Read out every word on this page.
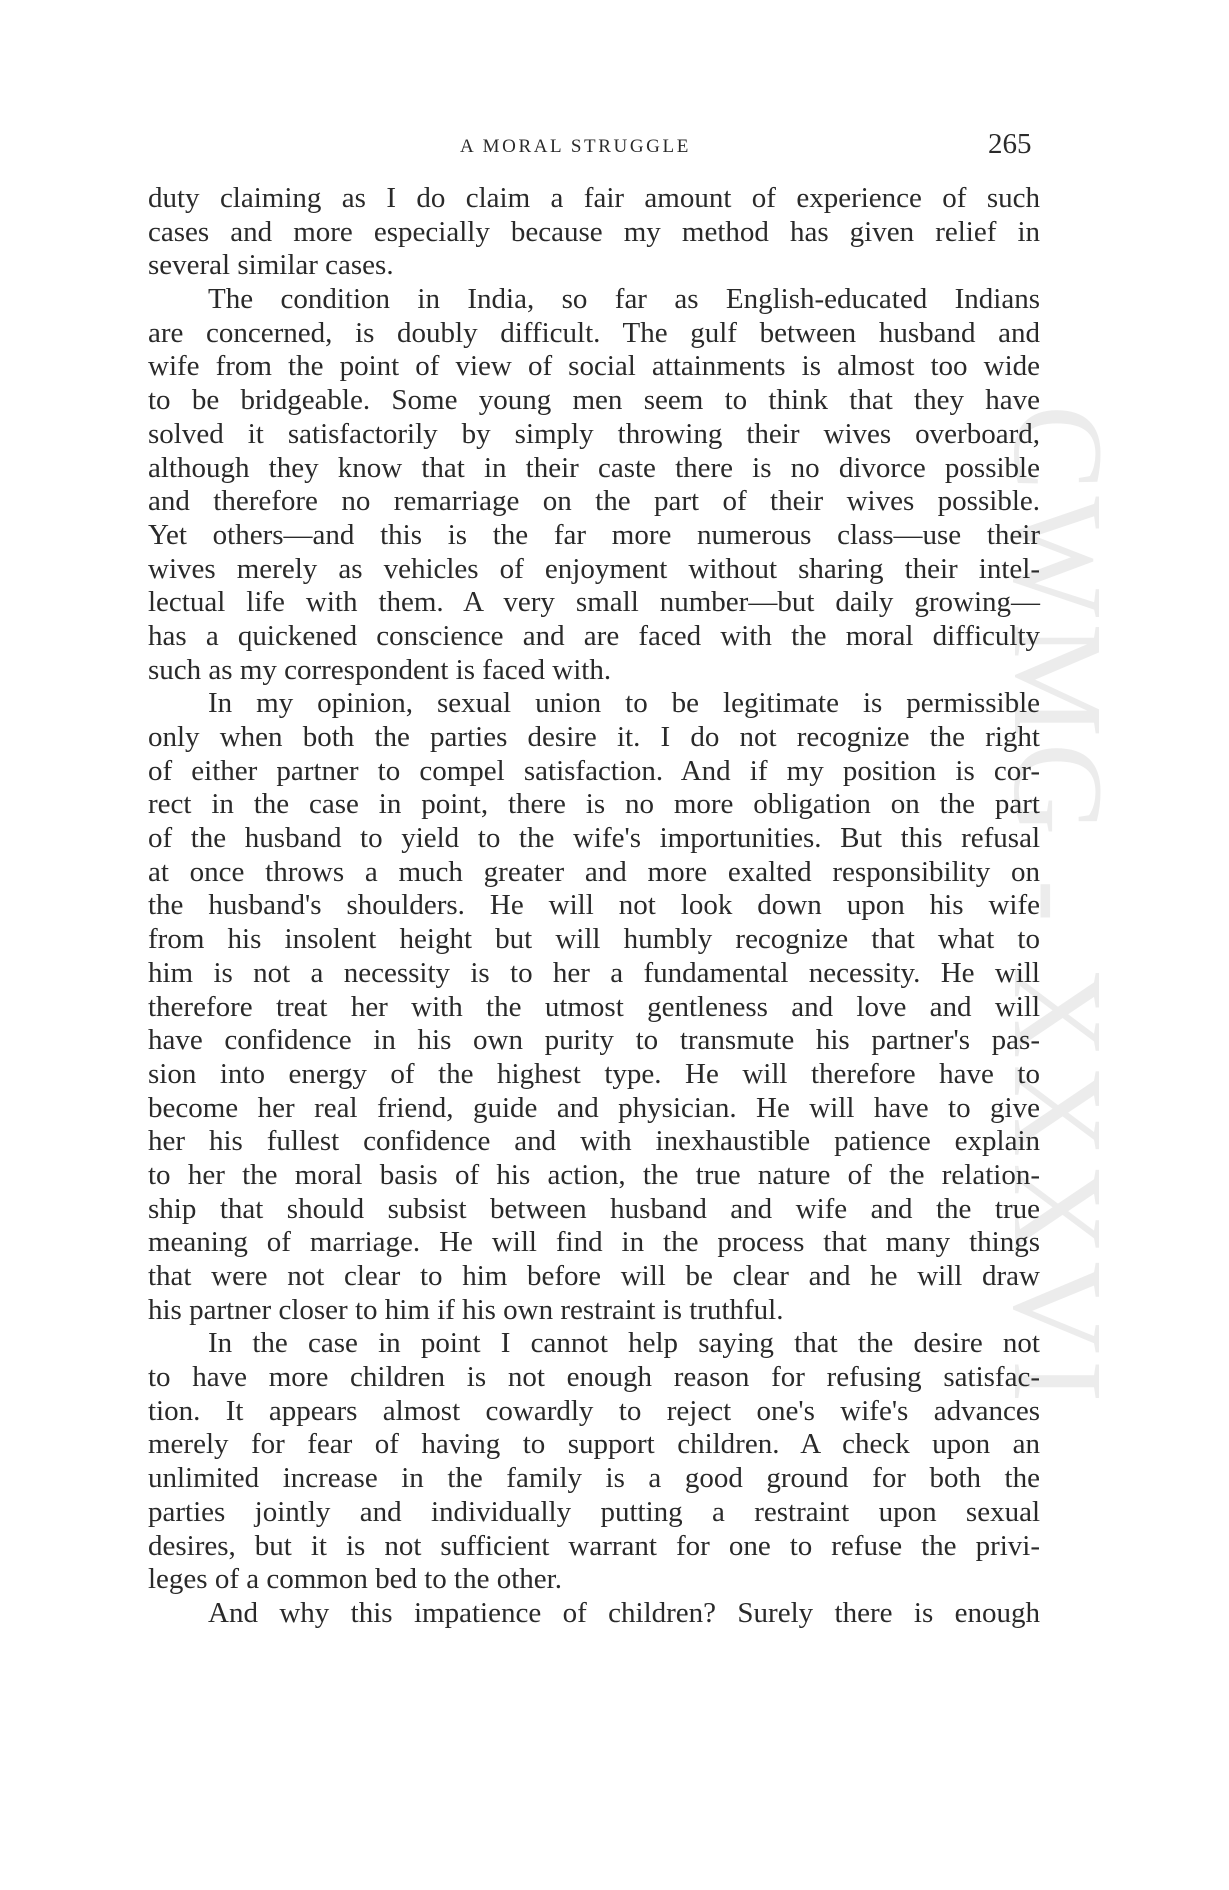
CWMG - XXXVI
A MORAL STRUGGLE	265
duty claiming as I do claim a fair amount of experience of such
cases and more especially because my method has given relief in
several similar cases.
The condition in India, so far as English-educated Indians
are concerned, is doubly difficult. The gulf between husband and
wife from the point of view of social attainments is almost too wide
to be bridgeable. Some young men seem to think that they have
solved it satisfactorily by simply throwing their wives overboard,
although they know that in their caste there is no divorce possible
and therefore no remarriage on the part of their wives possible.
Yet others—and this is the far more numerous class—use their
wives merely as vehicles of enjoyment without sharing their intel-
lectual life with them. A very small number—but daily growing—
has a quickened conscience and are faced with the moral difficulty
such as my correspondent is faced with.
In my opinion, sexual union to be legitimate is permissible
only when both the parties desire it. I do not recognize the right
of either partner to compel satisfaction. And if my position is cor-
rect in the case in point, there is no more obligation on the part
of the husband to yield to the wife's importunities. But this refusal
at once throws a much greater and more exalted responsibility on
the husband's shoulders. He will not look down upon his wife
from his insolent height but will humbly recognize that what to
him is not a necessity is to her a fundamental necessity. He will
therefore treat her with the utmost gentleness and love and will
have confidence in his own purity to transmute his partner's pas-
sion into energy of the highest type. He will therefore have to
become her real friend, guide and physician. He will have to give
her his fullest confidence and with inexhaustible patience explain
to her the moral basis of his action, the true nature of the relation-
ship that should subsist between husband and wife and the true
meaning of marriage. He will find in the process that many things
that were not clear to him before will be clear and he will draw
his partner closer to him if his own restraint is truthful.
In the case in point I cannot help saying that the desire not
to have more children is not enough reason for refusing satisfac-
tion. It appears almost cowardly to reject one's wife's advances
merely for fear of having to support children. A check upon an
unlimited increase in the family is a good ground for both the
parties jointly and individually putting a restraint upon sexual
desires, but it is not sufficient warrant for one to refuse the privi-
leges of a common bed to the other.
And why this impatience of children? Surely there is enough
